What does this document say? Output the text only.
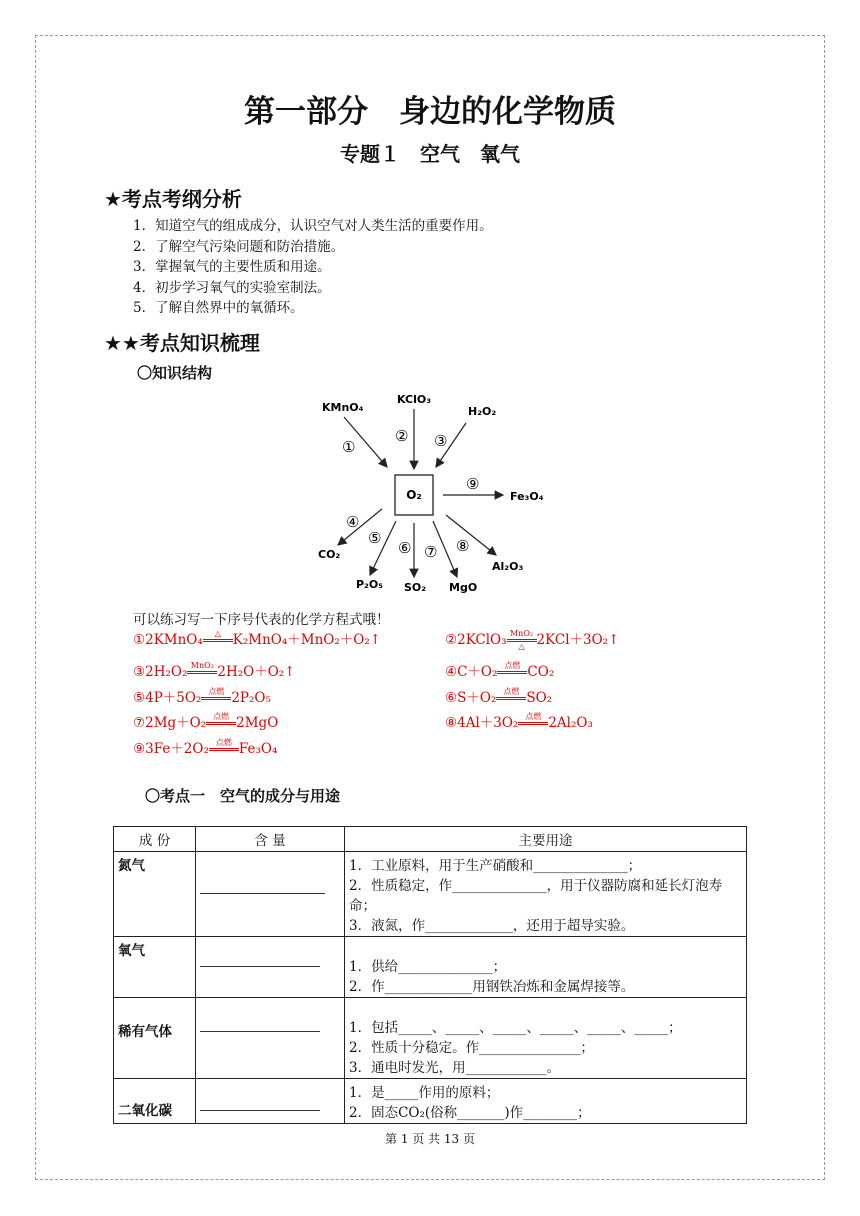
第一部分　身边的化学物质
专题１　空气　氧气
★考点考纲分析
1．知道空气的组成成分，认识空气对人类生活的重要作用。
2．了解空气污染问题和防治措施。
3．掌握氧气的主要性质和用途。
4．初步学习氧气的实验室制法。
5．了解自然界中的氧循环。
★★考点知识梳理
〇知识结构
O₂
KMnO₄
KClO₃
H₂O₂
Fe₃O₄
CO₂
P₂O₅ SO₂ MgO
Al₂O₃
①
② ③
④
⑤
⑥ ⑦ ⑧
⑨
可以练习写一下序号代表的化学方程式哦！
①2KMnO₄	△
K₂MnO₄＋MnO₂＋O₂↑	②2KClO₃ MnO₂
△ 2KCl＋3O₂↑
③2H₂O₂ MnO₂
2H₂O＋O₂↑	④C＋O₂ 点燃
CO₂
⑤4P＋5O₂ 点燃
2P₂O₅	⑥S＋O₂ 点燃
SO₂
⑦2Mg＋O₂ 点燃
2MgO	⑧4Al＋3O₂ 点燃
2Al₂O₃
⑨3Fe＋2O₂ 点燃
Fe₃O₄
〇考点一　空气的成分与用途
成 份	含 量	主要用途
氮气		1．工业原料，用于生产硝酸和______________；
2．性质稳定，作______________，用于仪器防腐和延长灯泡寿命；
3．液氮，作_____________，还用于超导实验。

氧气		1．供给______________；
2．作_____________用钢铁冶炼和金属焊接等。

稀有气体		1．包括_____、_____、_____、_____、_____、_____；
2．性质十分稳定。作_______________；
3．通电时发光，用____________。

二氧化碳		1．是_____作用的原料；
2．固态CO₂(俗称_______)作________；
第 1 页 共 13 页
